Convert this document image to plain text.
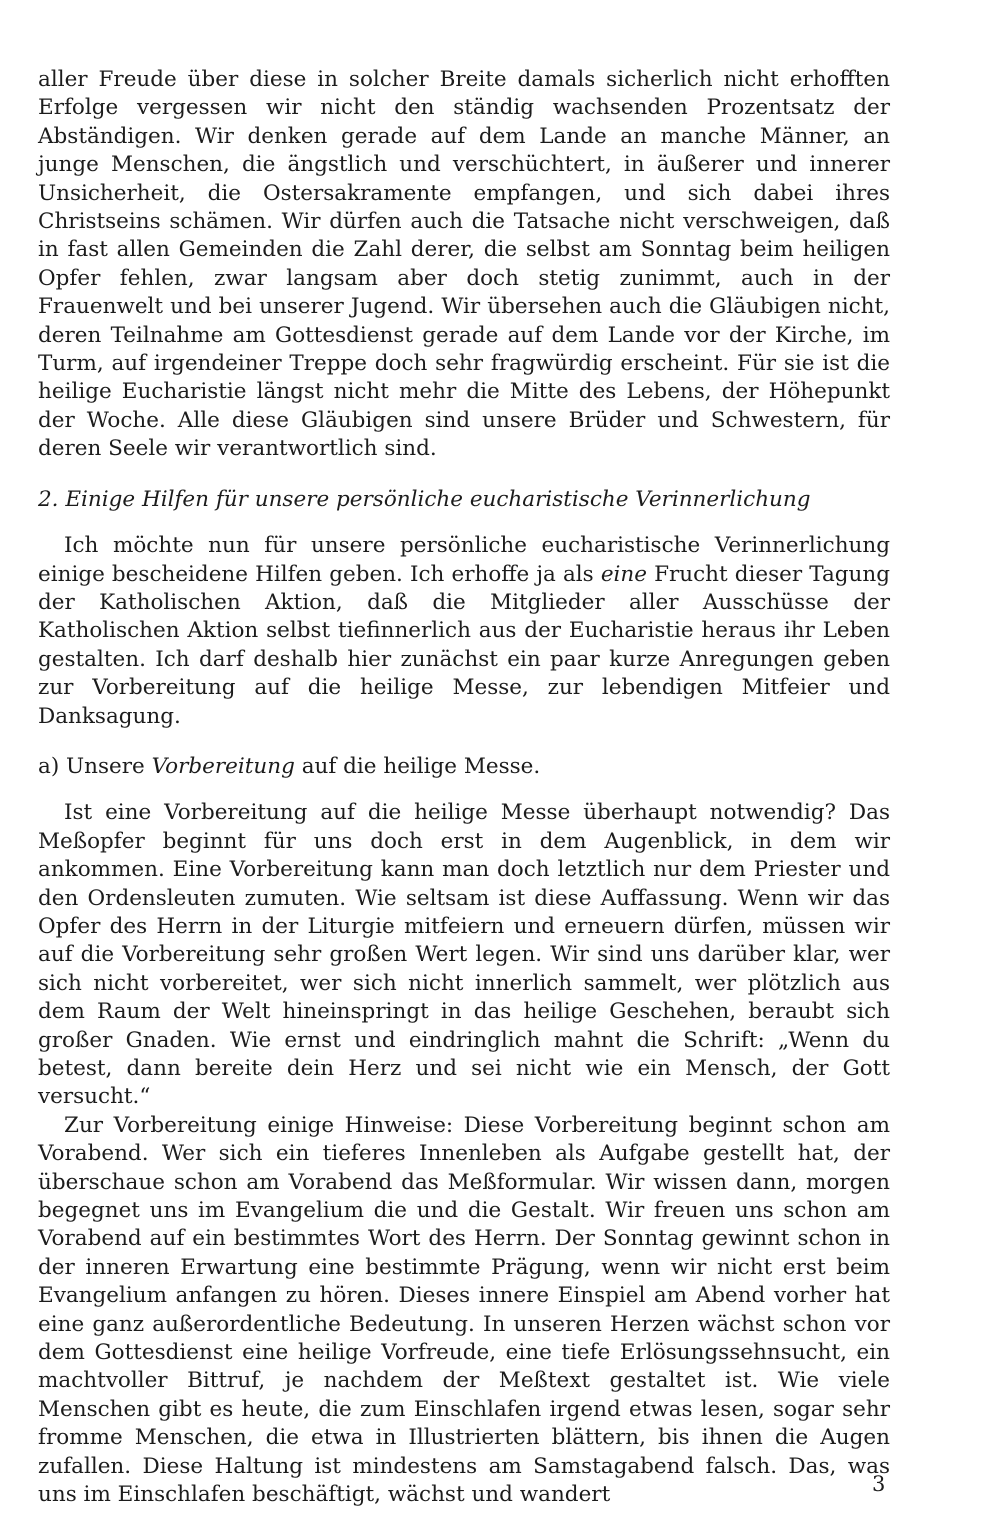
aller Freude über diese in solcher Breite damals sicherlich nicht erhofften Erfolge vergessen wir nicht den ständig wachsenden Prozentsatz der Abständigen. Wir denken gerade auf dem Lande an manche Männer, an junge Menschen, die ängstlich und verschüchtert, in äußerer und innerer Unsicherheit, die Ostersakramente empfangen, und sich dabei ihres Christseins schämen. Wir dürfen auch die Tatsache nicht verschweigen, daß in fast allen Gemeinden die Zahl derer, die selbst am Sonntag beim heiligen Opfer fehlen, zwar langsam aber doch stetig zunimmt, auch in der Frauenwelt und bei unserer Jugend. Wir übersehen auch die Gläubigen nicht, deren Teilnahme am Gottesdienst gerade auf dem Lande vor der Kirche, im Turm, auf irgendeiner Treppe doch sehr fragwürdig erscheint. Für sie ist die heilige Eucharistie längst nicht mehr die Mitte des Lebens, der Höhepunkt der Woche. Alle diese Gläubigen sind unsere Brüder und Schwestern, für deren Seele wir verantwortlich sind.

2. Einige Hilfen für unsere persönliche eucharistische Verinnerlichung

Ich möchte nun für unsere persönliche eucharistische Verinnerlichung einige bescheidene Hilfen geben. Ich erhoffe ja als eine Frucht dieser Tagung der Katholischen Aktion, daß die Mitglieder aller Ausschüsse der Katholischen Aktion selbst tiefinnerlich aus der Eucharistie heraus ihr Leben gestalten. Ich darf deshalb hier zunächst ein paar kurze Anregungen geben zur Vorbereitung auf die heilige Messe, zur lebendigen Mitfeier und Danksagung.

a) Unsere Vorbereitung auf die heilige Messe.

Ist eine Vorbereitung auf die heilige Messe überhaupt notwendig? Das Meßopfer beginnt für uns doch erst in dem Augenblick, in dem wir ankommen. Eine Vorbereitung kann man doch letztlich nur dem Priester und den Ordensleuten zumuten. Wie seltsam ist diese Auffassung. Wenn wir das Opfer des Herrn in der Liturgie mitfeiern und erneuern dürfen, müssen wir auf die Vorbereitung sehr großen Wert legen. Wir sind uns darüber klar, wer sich nicht vorbereitet, wer sich nicht innerlich sammelt, wer plötzlich aus dem Raum der Welt hineinspringt in das heilige Geschehen, beraubt sich großer Gnaden. Wie ernst und eindringlich mahnt die Schrift: „Wenn du betest, dann bereite dein Herz und sei nicht wie ein Mensch, der Gott versucht.“

Zur Vorbereitung einige Hinweise: Diese Vorbereitung beginnt schon am Vorabend. Wer sich ein tieferes Innenleben als Aufgabe gestellt hat, der überschaue schon am Vorabend das Meßformular. Wir wissen dann, morgen begegnet uns im Evangelium die und die Gestalt. Wir freuen uns schon am Vorabend auf ein bestimmtes Wort des Herrn. Der Sonntag gewinnt schon in der inneren Erwartung eine bestimmte Prägung, wenn wir nicht erst beim Evangelium anfangen zu hören. Dieses innere Einspiel am Abend vorher hat eine ganz außerordentliche Bedeutung. In unseren Herzen wächst schon vor dem Gottesdienst eine heilige Vorfreude, eine tiefe Erlösungssehnsucht, ein machtvoller Bittruf, je nachdem der Meßtext gestaltet ist. Wie viele Menschen gibt es heute, die zum Einschlafen irgend etwas lesen, sogar sehr fromme Menschen, die etwa in Illustrierten blättern, bis ihnen die Augen zufallen. Diese Haltung ist mindestens am Samstagabend falsch. Das, was uns im Einschlafen beschäftigt, wächst und wandert	3
